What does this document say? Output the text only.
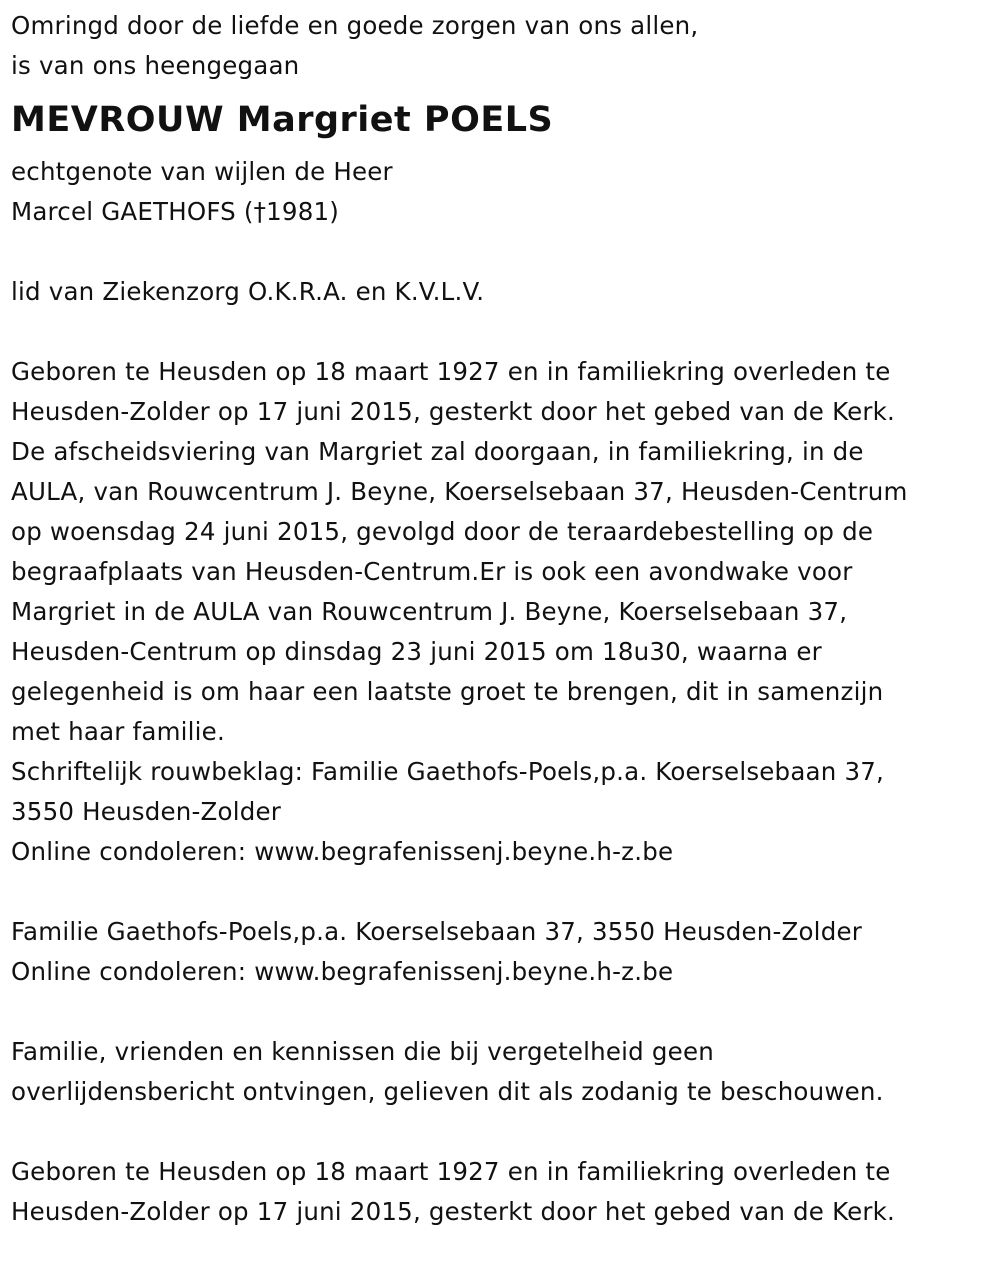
Omringd door de liefde en goede zorgen van ons allen,
is van ons heengegaan
MEVROUW Margriet POELS
echtgenote van wijlen de Heer
Marcel GAETHOFS (†1981)
lid van Ziekenzorg O.K.R.A. en K.V.L.V.
Geboren te Heusden op 18 maart 1927 en in familiekring overleden te
Heusden-Zolder op 17 juni 2015, gesterkt door het gebed van de Kerk.
De afscheidsviering van Margriet zal doorgaan, in familiekring, in de
AULA, van Rouwcentrum J. Beyne, Koerselsebaan 37, Heusden-Centrum
op woensdag 24 juni 2015, gevolgd door de teraardebestelling op de
begraafplaats van Heusden-Centrum.Er is ook een avondwake voor
Margriet in de AULA van Rouwcentrum J. Beyne, Koerselsebaan 37,
Heusden-Centrum op dinsdag 23 juni 2015 om 18u30, waarna er
gelegenheid is om haar een laatste groet te brengen, dit in samenzijn
met haar familie.
Schriftelijk rouwbeklag: Familie Gaethofs-Poels,p.a. Koerselsebaan 37,
3550 Heusden-Zolder
Online condoleren: www.begrafenissenj.beyne.h-z.be
Familie Gaethofs-Poels,p.a. Koerselsebaan 37, 3550 Heusden-Zolder
Online condoleren: www.begrafenissenj.beyne.h-z.be
Familie, vrienden en kennissen die bij vergetelheid geen
overlijdensbericht ontvingen, gelieven dit als zodanig te beschouwen.
Geboren te Heusden op 18 maart 1927 en in familiekring overleden te
Heusden-Zolder op 17 juni 2015, gesterkt door het gebed van de Kerk.
